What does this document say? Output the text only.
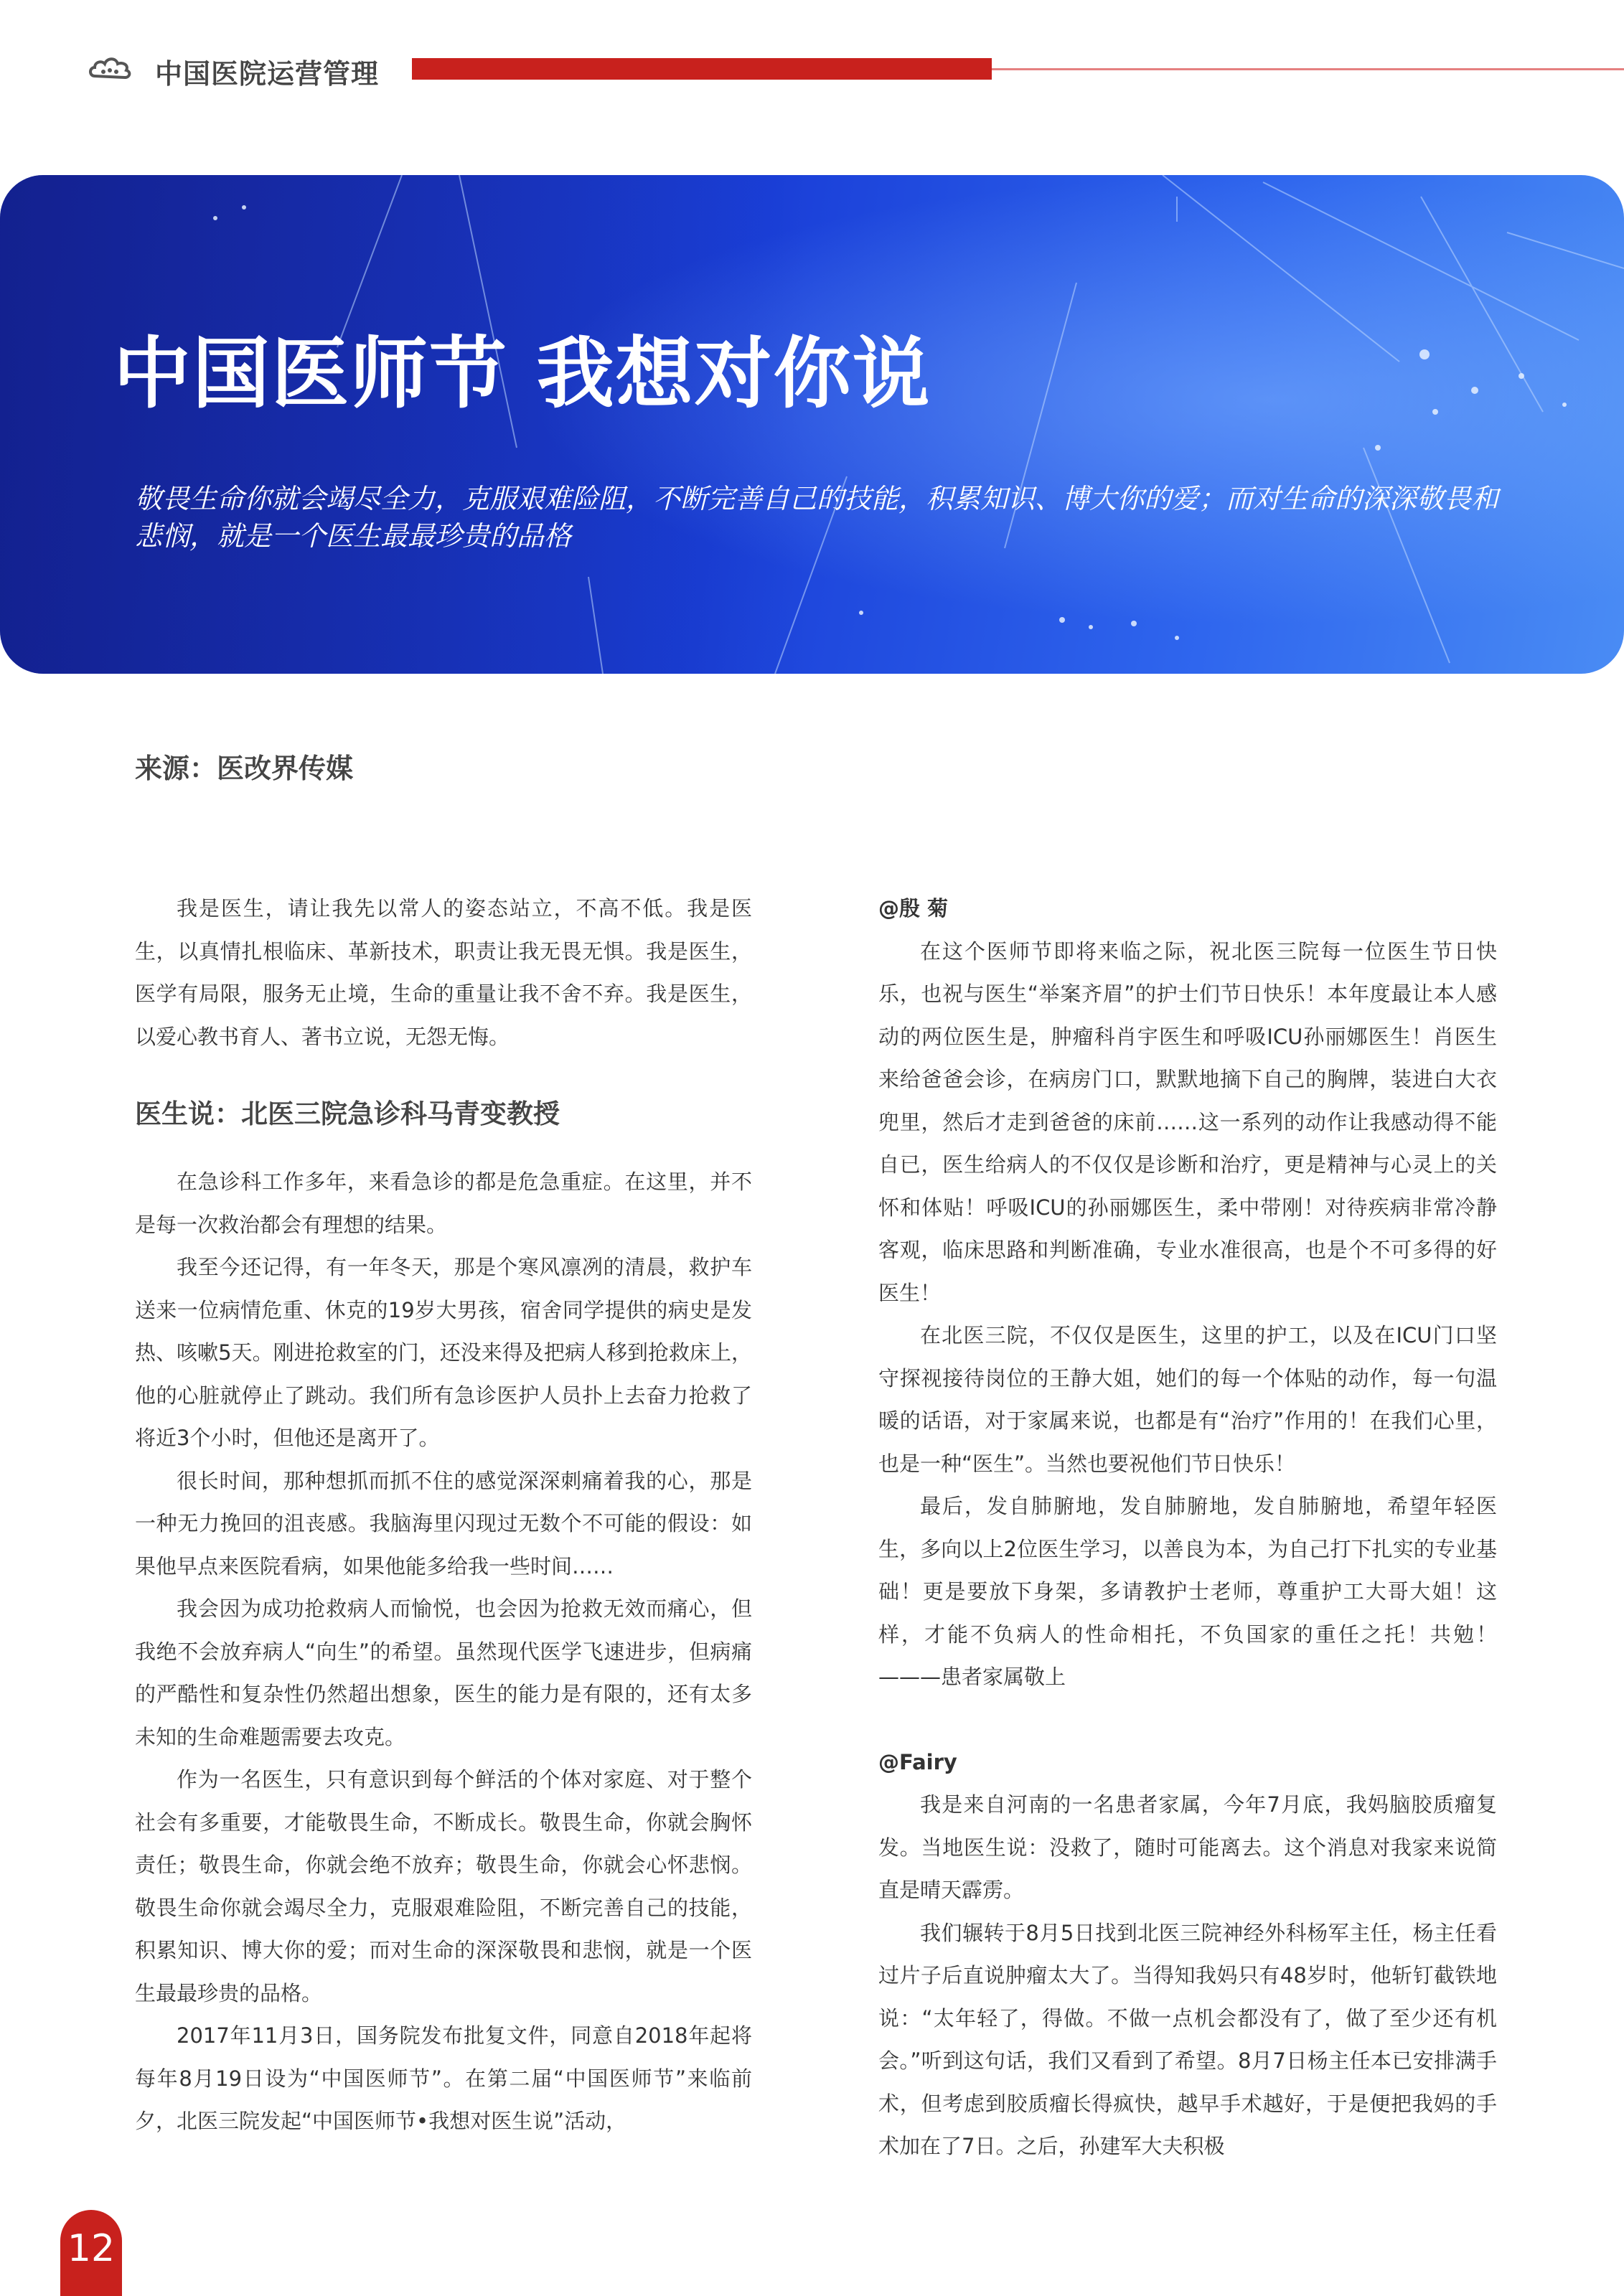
中国医院运营管理
中国医师节 我想对你说
敬畏生命你就会竭尽全力，克服艰难险阻，不断完善自己的技能，积累知识、博大你的爱；而对生命的深深敬畏和悲悯，就是一个医生最最珍贵的品格
来源：医改界传媒

我是医生，请让我先以常人的姿态站立，不高不低。我是医生，以真情扎根临床、革新技术，职责让我无畏无惧。我是医生，医学有局限，服务无止境，生命的重量让我不舍不弃。我是医生，以爱心教书育人、著书立说，无怨无悔。

医生说：北医三院急诊科马青变教授

在急诊科工作多年，来看急诊的都是危急重症。在这里，并不是每一次救治都会有理想的结果。

我至今还记得，有一年冬天，那是个寒风凛冽的清晨，救护车送来一位病情危重、休克的19岁大男孩，宿舍同学提供的病史是发热、咳嗽5天。刚进抢救室的门，还没来得及把病人移到抢救床上，他的心脏就停止了跳动。我们所有急诊医护人员扑上去奋力抢救了将近3个小时，但他还是离开了。

很长时间，那种想抓而抓不住的感觉深深刺痛着我的心，那是一种无力挽回的沮丧感。我脑海里闪现过无数个不可能的假设：如果他早点来医院看病，如果他能多给我一些时间……

我会因为成功抢救病人而愉悦，也会因为抢救无效而痛心，但我绝不会放弃病人“向生”的希望。虽然现代医学飞速进步，但病痛的严酷性和复杂性仍然超出想象，医生的能力是有限的，还有太多未知的生命难题需要去攻克。

作为一名医生，只有意识到每个鲜活的个体对家庭、对于整个社会有多重要，才能敬畏生命，不断成长。敬畏生命，你就会胸怀责任；敬畏生命，你就会绝不放弃；敬畏生命，你就会心怀悲悯。敬畏生命你就会竭尽全力，克服艰难险阻，不断完善自己的技能，积累知识、博大你的爱；而对生命的深深敬畏和悲悯，就是一个医生最最珍贵的品格。

2017年11月3日，国务院发布批复文件，同意自2018年起将每年8月19日设为“中国医师节”。在第二届“中国医师节”来临前夕，北医三院发起“中国医师节•我想对医生说”活动，

@殷 菊

在这个医师节即将来临之际，祝北医三院每一位医生节日快乐，也祝与医生“举案齐眉”的护士们节日快乐！本年度最让本人感动的两位医生是，肿瘤科肖宇医生和呼吸ICU孙丽娜医生！肖医生来给爸爸会诊，在病房门口，默默地摘下自己的胸牌，装进白大衣兜里，然后才走到爸爸的床前……这一系列的动作让我感动得不能自已，医生给病人的不仅仅是诊断和治疗，更是精神与心灵上的关怀和体贴！呼吸ICU的孙丽娜医生，柔中带刚！对待疾病非常冷静客观，临床思路和判断准确，专业水准很高，也是个不可多得的好医生！

在北医三院，不仅仅是医生，这里的护工，以及在ICU门口坚守探视接待岗位的王静大姐，她们的每一个体贴的动作，每一句温暖的话语，对于家属来说，也都是有“治疗”作用的！在我们心里，也是一种“医生”。当然也要祝他们节日快乐！

最后，发自肺腑地，发自肺腑地，发自肺腑地，希望年轻医生，多向以上2位医生学习，以善良为本，为自己打下扎实的专业基础！更是要放下身架，多请教护士老师，尊重护工大哥大姐！这样，才能不负病人的性命相托，不负国家的重任之托！共勉！———患者家属敬上

@Fairy

我是来自河南的一名患者家属，今年7月底，我妈脑胶质瘤复发。当地医生说：没救了，随时可能离去。这个消息对我家来说简直是晴天霹雳。

我们辗转于8月5日找到北医三院神经外科杨军主任，杨主任看过片子后直说肿瘤太大了。当得知我妈只有48岁时，他斩钉截铁地说：“太年轻了，得做。不做一点机会都没有了，做了至少还有机会。”听到这句话，我们又看到了希望。8月7日杨主任本已安排满手术，但考虑到胶质瘤长得疯快，越早手术越好，于是便把我妈的手术加在了7日。之后，孙建军大夫积极

12
